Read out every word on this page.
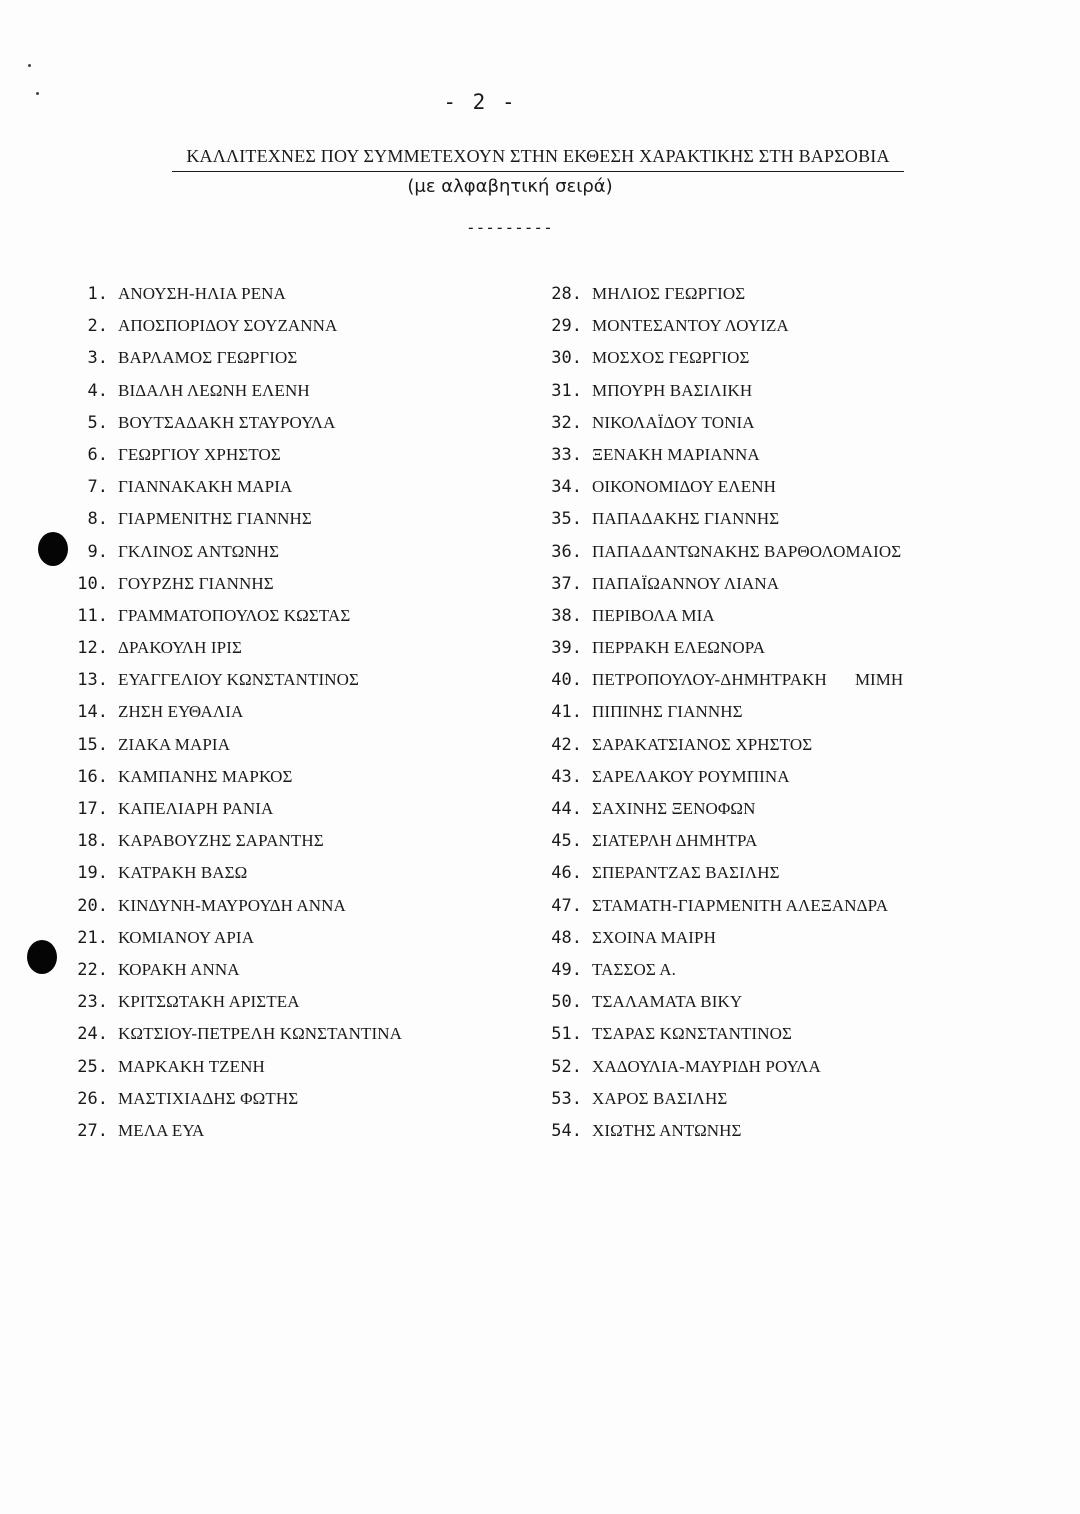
- 2 -
ΚΑΛΛΙΤΕΧΝΕΣ ΠΟΥ ΣΥΜΜΕΤΕΧΟΥΝ ΣΤΗΝ ΕΚΘΕΣΗ ΧΑΡΑΚΤΙΚΗΣ ΣΤΗ ΒΑΡΣΟΒΙΑ
(με αλφαβητική σειρά)
---------
1. ΑΝΟΥΣΗ-ΗΛΙΑ ΡΕΝΑ
2. ΑΠΟΣΠΟΡΙΔΟΥ ΣΟΥΖΑΝΝΑ
3. ΒΑΡΛΑΜΟΣ ΓΕΩΡΓΙΟΣ
4. ΒΙΔΑΛΗ ΛΕΩΝΗ ΕΛΕΝΗ
5. ΒΟΥΤΣΑΔΑΚΗ ΣΤΑΥΡΟΥΛΑ
6. ΓΕΩΡΓΙΟΥ ΧΡΗΣΤΟΣ
7. ΓΙΑΝΝΑΚΑΚΗ ΜΑΡΙΑ
8. ΓΙΑΡΜΕΝΙΤΗΣ ΓΙΑΝΝΗΣ
9. ΓΚΛΙΝΟΣ ΑΝΤΩΝΗΣ
10. ΓΟΥΡΖΗΣ ΓΙΑΝΝΗΣ
11. ΓΡΑΜΜΑΤΟΠΟΥΛΟΣ ΚΩΣΤΑΣ
12. ΔΡΑΚΟΥΛΗ ΙΡΙΣ
13. ΕΥΑΓΓΕΛΙΟΥ ΚΩΝΣΤΑΝΤΙΝΟΣ
14. ΖΗΣΗ ΕΥΘΑΛΙΑ
15. ΖΙΑΚΑ ΜΑΡΙΑ
16. ΚΑΜΠΑΝΗΣ ΜΑΡΚΟΣ
17. ΚΑΠΕΛΙΑΡΗ ΡΑΝΙΑ
18. ΚΑΡΑΒΟΥΖΗΣ ΣΑΡΑΝΤΗΣ
19. ΚΑΤΡΑΚΗ ΒΑΣΩ
20. ΚΙΝΔΥΝΗ-ΜΑΥΡΟΥΔΗ ΑΝΝΑ
21. ΚΟΜΙΑΝΟΥ ΑΡΙΑ
22. ΚΟΡΑΚΗ ΑΝΝΑ
23. ΚΡΙΤΣΩΤΑΚΗ ΑΡΙΣΤΕΑ
24. ΚΩΤΣΙΟΥ-ΠΕΤΡΕΛΗ ΚΩΝΣΤΑΝΤΙΝΑ
25. ΜΑΡΚΑΚΗ ΤΖΕΝΗ
26. ΜΑΣΤΙΧΙΑΔΗΣ ΦΩΤΗΣ
27. ΜΕΛΑ ΕΥΑ
28. ΜΗΛΙΟΣ ΓΕΩΡΓΙΟΣ
29. ΜΟΝΤΕΣΑΝΤΟΥ ΛΟΥΙΖΑ
30. ΜΟΣΧΟΣ ΓΕΩΡΓΙΟΣ
31. ΜΠΟΥΡΗ ΒΑΣΙΛΙΚΗ
32. ΝΙΚΟΛΑΪΔΟΥ ΤΟΝΙΑ
33. ΞΕΝΑΚΗ ΜΑΡΙΑΝΝΑ
34. ΟΙΚΟΝΟΜΙΔΟΥ ΕΛΕΝΗ
35. ΠΑΠΑΔΑΚΗΣ ΓΙΑΝΝΗΣ
36. ΠΑΠΑΔΑΝΤΩΝΑΚΗΣ ΒΑΡΘΟΛΟΜΑΙΟΣ
37. ΠΑΠΑΪΩΑΝΝΟΥ ΛΙΑΝΑ
38. ΠΕΡΙΒΟΛΑ ΜΙΑ
39. ΠΕΡΡΑΚΗ ΕΛΕΩΝΟΡΑ
40. ΠΕΤΡΟΠΟΥΛΟΥ-ΔΗΜΗΤΡΑΚΗ ΜΙΜΗ
41. ΠΙΠΙΝΗΣ ΓΙΑΝΝΗΣ
42. ΣΑΡΑΚΑΤΣΙΑΝΟΣ ΧΡΗΣΤΟΣ
43. ΣΑΡΕΛΑΚΟΥ ΡΟΥΜΠΙΝΑ
44. ΣΑΧΙΝΗΣ ΞΕΝΟΦΩΝ
45. ΣΙΑΤΕΡΛΗ ΔΗΜΗΤΡΑ
46. ΣΠΕΡΑΝΤΖΑΣ ΒΑΣΙΛΗΣ
47. ΣΤΑΜΑΤΗ-ΓΙΑΡΜΕΝΙΤΗ ΑΛΕΞΑΝΔΡΑ
48. ΣΧΟΙΝΑ ΜΑΙΡΗ
49. ΤΑΣΣΟΣ Α.
50. ΤΣΑΛΑΜΑΤΑ ΒΙΚΥ
51. ΤΣΑΡΑΣ ΚΩΝΣΤΑΝΤΙΝΟΣ
52. ΧΑΔΟΥΛΙΑ-ΜΑΥΡΙΔΗ ΡΟΥΛΑ
53. ΧΑΡΟΣ ΒΑΣΙΛΗΣ
54. ΧΙΩΤΗΣ ΑΝΤΩΝΗΣ
